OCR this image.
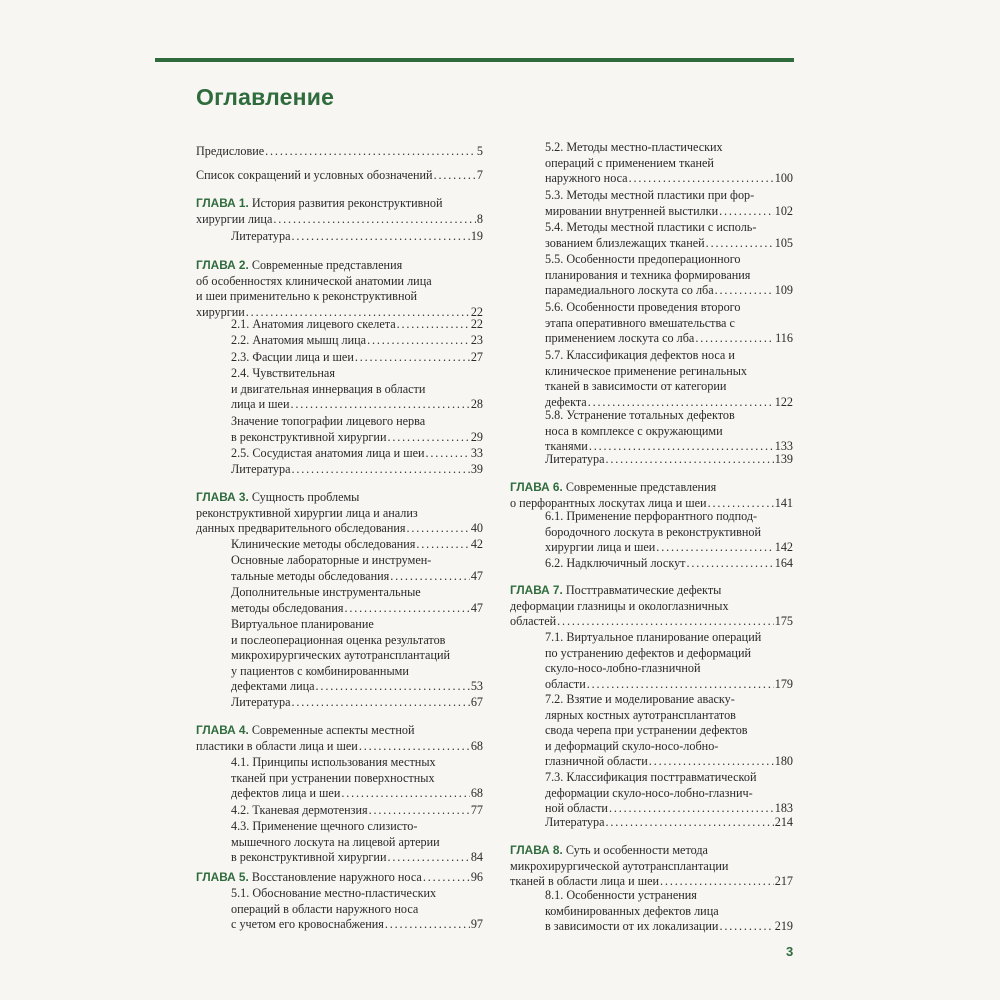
Оглавление
Предисловие . . .	5
Список сокращений и условных обозначений . . .	7
ГЛАВА 1. История развития реконструктивной
хирургии лица . . .	8
Литература . . .	19
ГЛАВА 2. Современные представления
об особенностях клинической анатомии лица
и шеи применительно к реконструктивной
хирургии . . .	22
2.1. Анатомия лицевого скелета . . .	22
2.2. Анатомия мышц лица . . .	23
2.3. Фасции лица и шеи . . .	27
2.4. Чувствительная
и двигательная иннервация в области
лица и шеи . . .	28
Значение топографии лицевого нерва
в реконструктивной хирургии . . .	29
2.5. Сосудистая анатомия лица и шеи . . .	33
Литература . . .	39
ГЛАВА 3. Сущность проблемы
реконструктивной хирургии лица и анализ
данных предварительного обследования . . .	40
Клинические методы обследования . . .	42
Основные лабораторные и инструмен-
тальные методы обследования . . .	47
Дополнительные инструментальные
методы обследования . . .	47
Виртуальное планирование
и послеоперационная оценка результатов
микрохирургических аутотрансплантаций
у пациентов с комбинированными
дефектами лица . . .	53
Литература . . .	67
ГЛАВА 4. Современные аспекты местной
пластики в области лица и шеи . . .	68
4.1. Принципы использования местных
тканей при устранении поверхностных
дефектов лица и шеи . . .	68
4.2. Тканевая дермотензия . . .	77
4.3. Применение щечного слизисто-
мышечного лоскута на лицевой артерии
в реконструктивной хирургии . . .	84
ГЛАВА 5. Восстановление наружного носа . . .	96
5.1. Обоснование местно-пластических
операций в области наружного носа
с учетом его кровоснабжения . . .	97
5.2. Методы местно-пластических
операций с применением тканей
наружного носа . . .	100
5.3. Методы местной пластики при фор-
мировании внутренней выстилки . . .	102
5.4. Методы местной пластики с исполь-
зованием близлежащих тканей . . .	105
5.5. Особенности предоперационного
планирования и техника формирования
парамедиального лоскута со лба . . .	109
5.6. Особенности проведения второго
этапа оперативного вмешательства с
применением лоскута со лба . . .	116
5.7. Классификация дефектов носа и
клиническое применение регинальных
тканей в зависимости от категории
дефекта . . .	122
5.8. Устранение тотальных дефектов
носа в комплексе с окружающими
тканями . . .	133
Литература . . .	139
ГЛАВА 6. Современные представления
о перфорантных лоскутах лица и шеи . . .	141
6.1. Применение перфорантного подпод-
бородочного лоскута в реконструктивной
хирургии лица и шеи . . .	142
6.2. Надключичный лоскут . . .	164
ГЛАВА 7. Посттравматические дефекты
деформации глазницы и окологлазничных
областей . . .	175
7.1. Виртуальное планирование операций
по устранению дефектов и деформаций
скуло-носо-лобно-глазничной
области . . .	179
7.2. Взятие и моделирование аваску-
лярных костных аутотрансплантатов
свода черепа при устранении дефектов
и деформаций скуло-носо-лобно-
глазничной области . . .	180
7.3. Классификация посттравматической
деформации скуло-носо-лобно-глазнич-
ной области . . .	183
Литература . . .	214
ГЛАВА 8. Суть и особенности метода
микрохирургической аутотрансплантации
тканей в области лица и шеи . . .	217
8.1. Особенности устранения
комбинированных дефектов лица
в зависимости от их локализации . . .	219
3
